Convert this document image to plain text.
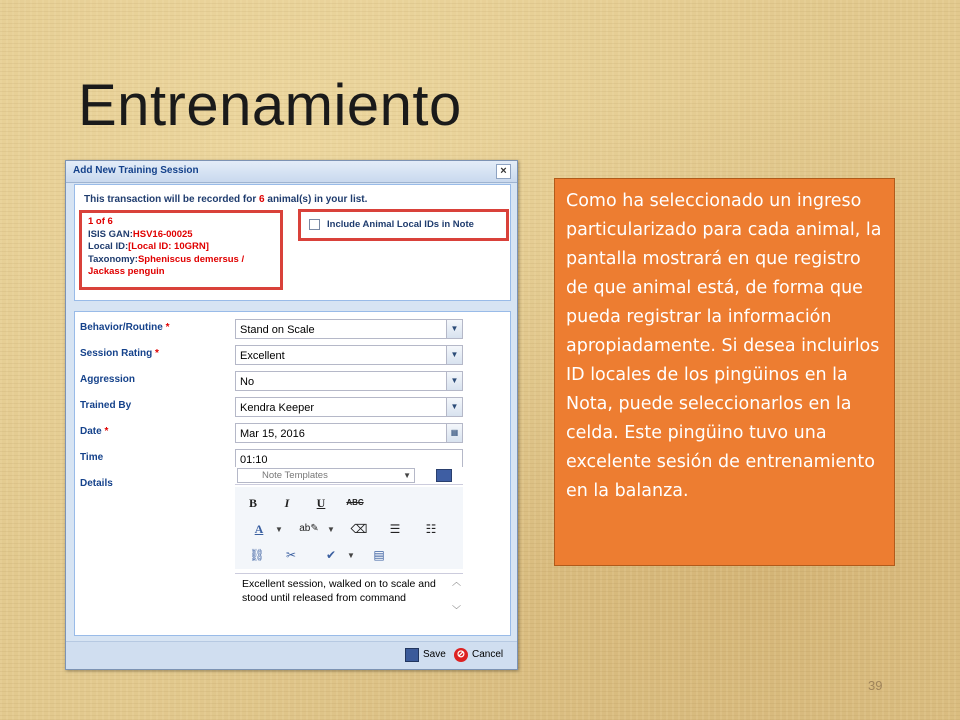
Entrenamiento
Add New Training Session	×
This transaction will be recorded for 6 animal(s) in your list.
1 of 6
ISIS GAN:HSV16-00025
Local ID:[Local ID: 10GRN]
Taxonomy:Spheniscus demersus / Jackass penguin
Include Animal Local IDs in Note
Behavior/Routine *	Stand on Scale	▼
Session Rating *	Excellent	▼
Aggression	No	▼
Trained By	Kendra Keeper	▼
Date *	Mar 15, 2016	▦
Time	01:10
Details
Note Templates	▼
B	I	U	ABC
A	▼ ab✎ ▼ ⌫	☰	☷
⛓	✂	✔	▼	▤
Excellent session, walked on to scale and stood until released from command
︿
﹀
Save ⊘ Cancel
Como ha seleccionado un ingreso particularizado para cada animal, la pantalla mostrará en que registro de que animal está, de forma que pueda registrar la información apropiadamente. Si desea incluirlos ID locales de los pingüinos en la Nota, puede seleccionarlos en la celda. Este pingüino tuvo una excelente sesión de entrenamiento en la balanza.
39
